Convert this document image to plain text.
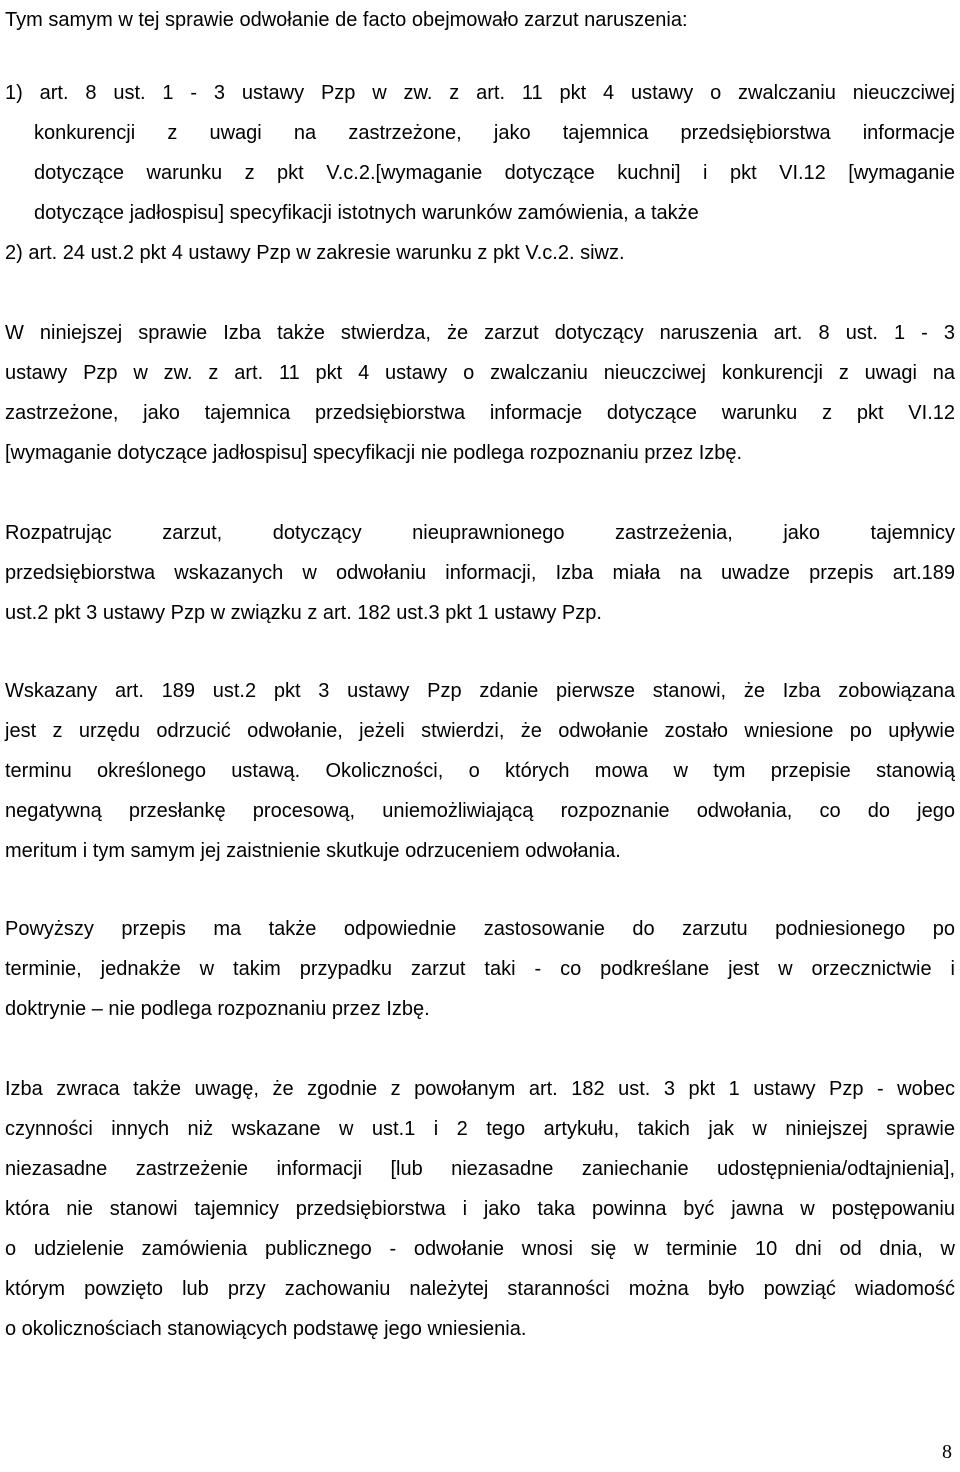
Tym samym w tej sprawie odwołanie de facto obejmowało zarzut naruszenia:
1) art. 8 ust. 1 - 3 ustawy Pzp w zw. z art. 11 pkt 4 ustawy o zwalczaniu nieuczciwej
konkurencji z uwagi na zastrzeżone, jako tajemnica przedsiębiorstwa informacje
dotyczące warunku z pkt V.c.2.[wymaganie dotyczące kuchni] i pkt VI.12 [wymaganie
dotyczące jadłospisu] specyfikacji istotnych warunków zamówienia, a także
2) art. 24 ust.2 pkt 4 ustawy Pzp w zakresie warunku z pkt V.c.2. siwz.
W niniejszej sprawie Izba także stwierdza, że zarzut dotyczący naruszenia art. 8 ust. 1 - 3
ustawy Pzp w zw. z art. 11 pkt 4 ustawy o zwalczaniu nieuczciwej konkurencji z uwagi na
zastrzeżone, jako tajemnica przedsiębiorstwa informacje dotyczące warunku z pkt VI.12
[wymaganie dotyczące jadłospisu] specyfikacji nie podlega rozpoznaniu przez Izbę.
Rozpatrując zarzut, dotyczący nieuprawnionego zastrzeżenia, jako tajemnicy
przedsiębiorstwa wskazanych w odwołaniu informacji, Izba miała na uwadze przepis art.189
ust.2 pkt 3 ustawy Pzp w związku z art. 182 ust.3 pkt 1 ustawy Pzp.
Wskazany art. 189 ust.2 pkt 3 ustawy Pzp zdanie pierwsze stanowi, że Izba zobowiązana
jest z urzędu odrzucić odwołanie, jeżeli stwierdzi, że odwołanie zostało wniesione po upływie
terminu określonego ustawą. Okoliczności, o których mowa w tym przepisie stanowią
negatywną przesłankę procesową, uniemożliwiającą rozpoznanie odwołania, co do jego
meritum i tym samym jej zaistnienie skutkuje odrzuceniem odwołania.
Powyższy przepis ma także odpowiednie zastosowanie do zarzutu podniesionego po
terminie, jednakże w takim przypadku zarzut taki - co podkreślane jest w orzecznictwie i
doktrynie – nie podlega rozpoznaniu przez Izbę.
Izba zwraca także uwagę, że zgodnie z powołanym art. 182 ust. 3 pkt 1 ustawy Pzp - wobec
czynności innych niż wskazane w ust.1 i 2 tego artykułu, takich jak w niniejszej sprawie
niezasadne zastrzeżenie informacji [lub niezasadne zaniechanie udostępnienia/odtajnienia],
która nie stanowi tajemnicy przedsiębiorstwa i jako taka powinna być jawna w postępowaniu
o udzielenie zamówienia publicznego - odwołanie wnosi się w terminie 10 dni od dnia, w
którym powzięto lub przy zachowaniu należytej staranności można było powziąć wiadomość
o okolicznościach stanowiących podstawę jego wniesienia.
8
